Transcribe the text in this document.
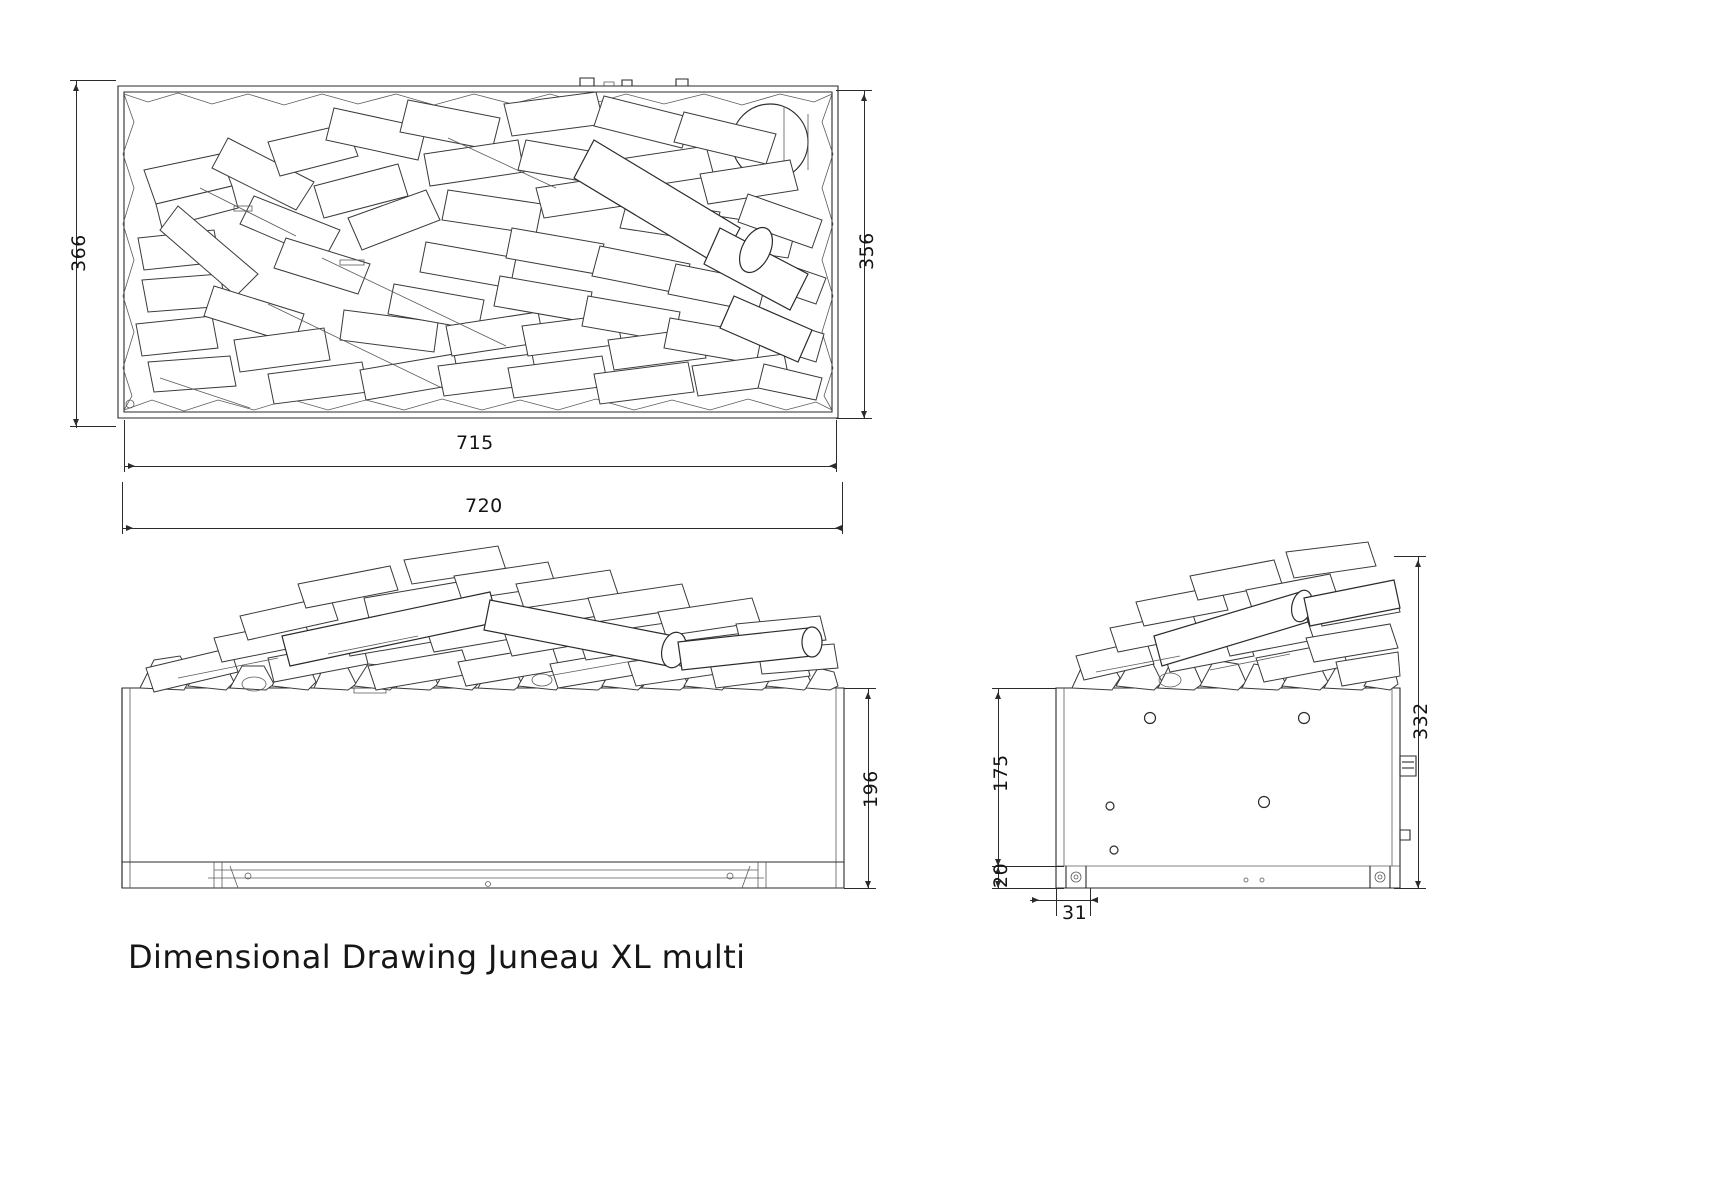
366	356
715
720
196
332
175
20
31
Dimensional Drawing Juneau XL multi
